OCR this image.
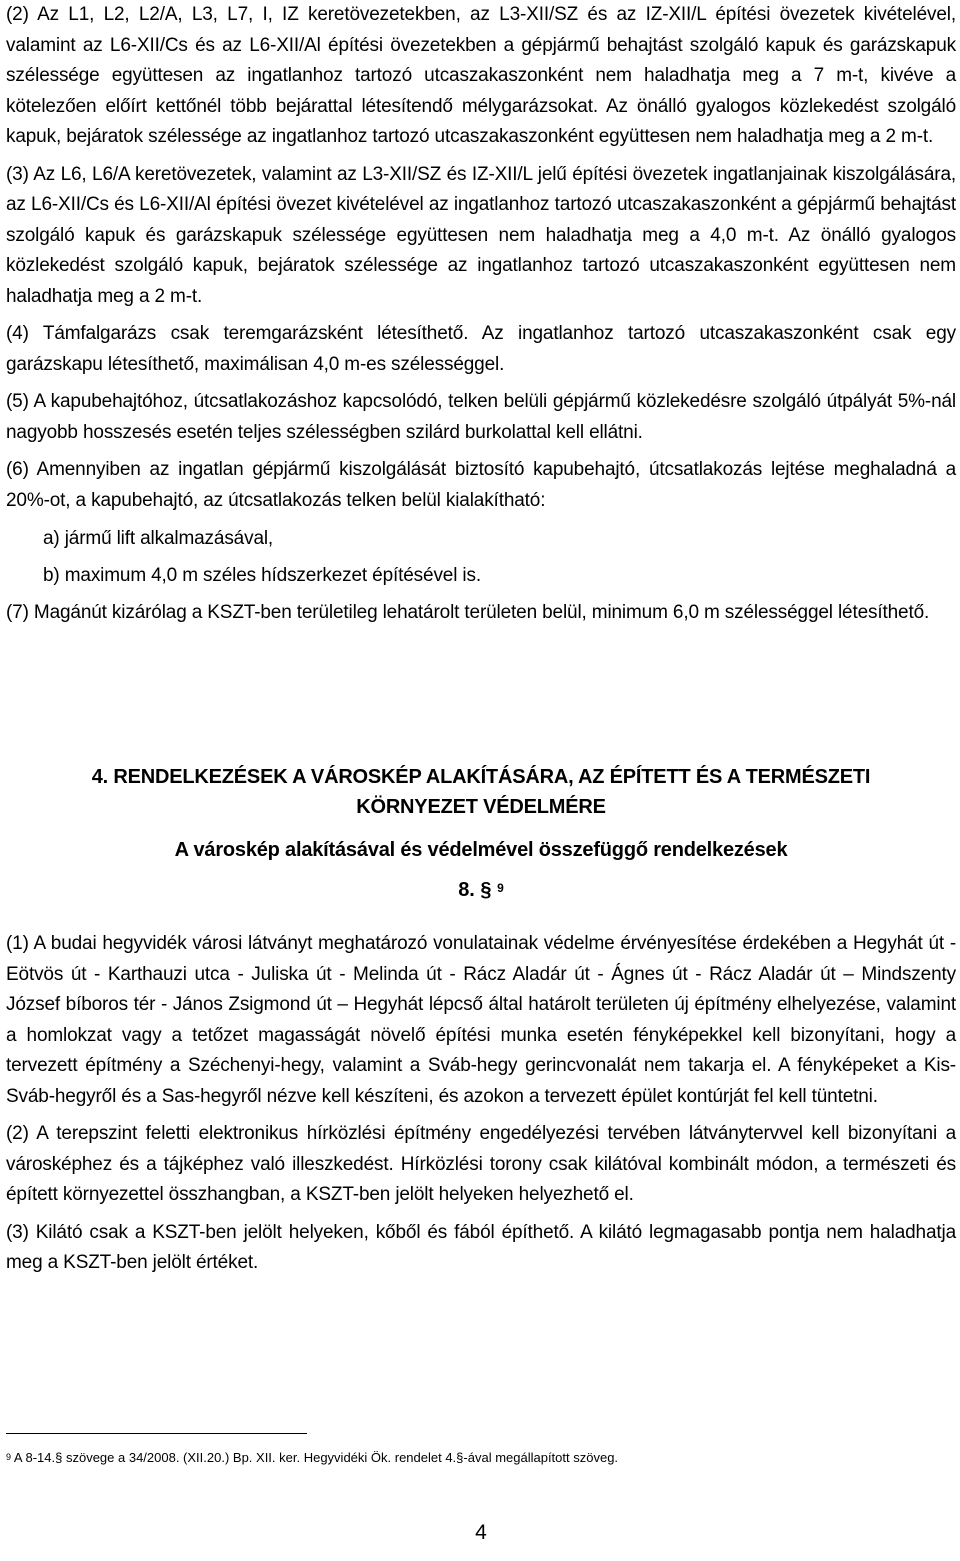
(2) Az L1, L2, L2/A, L3, L7, I, IZ keretövezetekben, az L3-XII/SZ és az IZ-XII/L építési övezetek kivételével, valamint az L6-XII/Cs és az L6-XII/Al építési övezetekben a gépjármű behajtást szolgáló kapuk és garázskapuk szélessége együttesen az ingatlanhoz tartozó utcaszakaszonként nem haladhatja meg a 7 m-t, kivéve a kötelezően előírt kettőnél több bejárattal létesítendő mélygarázsokat. Az önálló gyalogos közlekedést szolgáló kapuk, bejáratok szélessége az ingatlanhoz tartozó utcaszakaszonként együttesen nem haladhatja meg a 2 m-t.

(3) Az L6, L6/A keretövezetek, valamint az L3-XII/SZ és IZ-XII/L jelű építési övezetek ingatlanjainak kiszolgálására, az L6-XII/Cs és L6-XII/Al építési övezet kivételével az ingatlanhoz tartozó utcaszakaszonként a gépjármű behajtást szolgáló kapuk és garázskapuk szélessége együttesen nem haladhatja meg a 4,0 m-t. Az önálló gyalogos közlekedést szolgáló kapuk, bejáratok szélessége az ingatlanhoz tartozó utcaszakaszonként együttesen nem haladhatja meg a 2 m-t.

(4) Támfalgarázs csak teremgarázsként létesíthető. Az ingatlanhoz tartozó utcaszakaszonként csak egy garázskapu létesíthető, maximálisan 4,0 m-es szélességgel.

(5) A kapubehajtóhoz, útcsatlakozáshoz kapcsolódó, telken belüli gépjármű közlekedésre szolgáló útpályát 5%-nál nagyobb hosszesés esetén teljes szélességben szilárd burkolattal kell ellátni.

(6) Amennyiben az ingatlan gépjármű kiszolgálását biztosító kapubehajtó, útcsatlakozás lejtése meghaladná a 20%-ot, a kapubehajtó, az útcsatlakozás telken belül kialakítható:

a) jármű lift alkalmazásával,

b) maximum 4,0 m széles hídszerkezet építésével is.

(7) Magánút kizárólag a KSZT-ben területileg lehatárolt területen belül, minimum 6,0 m szélességgel létesíthető.

4. RENDELKEZÉSEK A VÁROSKÉP ALAKÍTÁSÁRA, AZ ÉPÍTETT ÉS A TERMÉSZETI
KÖRNYEZET VÉDELMÉRE
A városkép alakításával és védelmével összefüggő rendelkezések
8. § $^9$

(1) A budai hegyvidék városi látványt meghatározó vonulatainak védelme érvényesítése érdekében a Hegyhát út - Eötvös út - Karthauzi utca - Juliska út - Melinda út - Rácz Aladár út - Ágnes út - Rácz Aladár út – Mindszenty József bíboros tér - János Zsigmond út – Hegyhát lépcső által határolt területen új építmény elhelyezése, valamint a homlokzat vagy a tetőzet magasságát növelő építési munka esetén fényképekkel kell bizonyítani, hogy a tervezett építmény a Széchenyi-hegy, valamint a Sváb-hegy gerincvonalát nem takarja el. A fényképeket a Kis-Sváb-hegyről és a Sas-hegyről nézve kell készíteni, és azokon a tervezett épület kontúrját fel kell tüntetni.

(2) A terepszint feletti elektronikus hírközlési építmény engedélyezési tervében látványtervvel kell bizonyítani a városképhez és a tájképhez való illeszkedést. Hírközlési torony csak kilátóval kombinált módon, a természeti és épített környezettel összhangban, a KSZT-ben jelölt helyeken helyezhető el.

(3) Kilátó csak a KSZT-ben jelölt helyeken, kőből és fából építhető. A kilátó legmagasabb pontja nem haladhatja meg a KSZT-ben jelölt értéket.

$^9$ A 8-14.§ szövege a 34/2008. (XII.20.) Bp. XII. ker. Hegyvidéki Ök. rendelet 4.§-ával megállapított szöveg.
4
